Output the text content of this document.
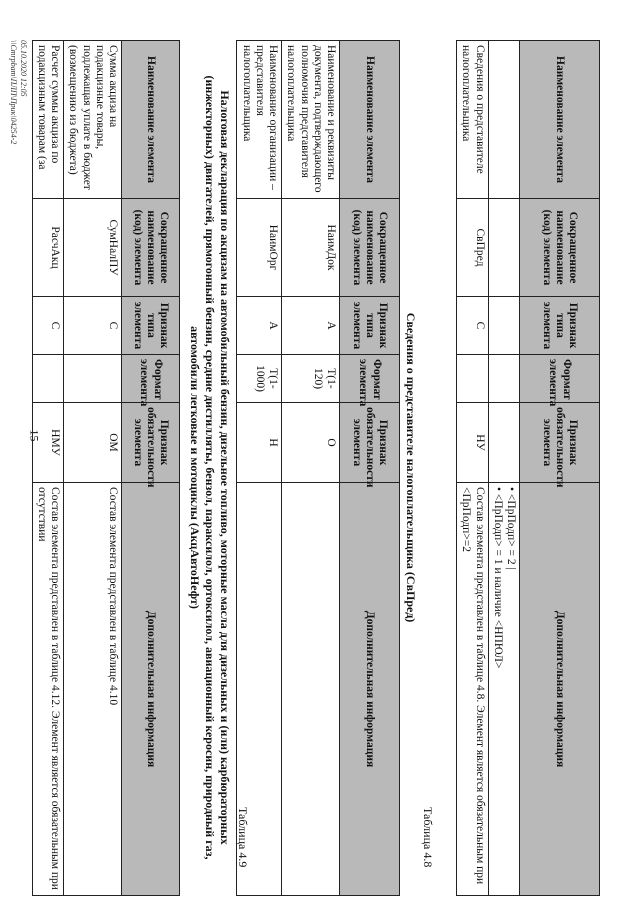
15
Наименование элемента	Сокращенное наименование (код) элемента	Признак типа элемента	Формат элемента	Признак обязательности элемента	Дополнительная информация

					• <ПрПодп> = 2 |
• <ПрПодп> = 1 и наличие <НПЮЛ>

Сведения о представителе налогоплательщика	СвПред	С		НУ	Состав элемента представлен в таблице 4.8. Элемент является обязательным при <ПрПодп>=2
Таблица 4.8
Сведения о представителе налогоплательщика (СвПред)
Наименование элемента	Сокращенное наименование (код) элемента	Признак типа элемента	Формат элемента	Признак обязательности элемента	Дополнительная информация
Наименование и реквизиты документа, подтверждающего полномочия представителя налогоплательщика	НаимДок	А	T(1-120)	О	
Наименование организации – представителя налогоплательщика	НаимОрг	А	T(1-1000)	Н	
Таблица 4.9
Налоговая декларация по акцизам на автомобильный бензин, дизельное топливо, моторные масла для дизельных и (или) карбюраторных (инжекторных) двигателей, прямогонный бензин, средние дистилляты, бензол, параксилол, ортоксилол, авиационный керосин, природный газ, автомобили легковые и мотоциклы (АкцАвтоНефт)
Наименование элемента	Сокращенное наименование (код) элемента	Признак типа элемента	Формат элемента	Признак обязательности элемента	Дополнительная информация
Сумма акциза на подакцизные товары, подлежащая уплате в бюджет (возмещению из бюджета)	СумНалПУ	С		ОМ	Состав элемента представлен в таблице 4.10
Расчет суммы акциза по подакцизным товарам (за	РасчАкц	С		НМУ	Состав элемента представлен в таблице 4.12. Элемент является обязательным при отсутствии
05.10.2020 12:05
\\Cmrpbam\ПЛП\Прик\04254-2
